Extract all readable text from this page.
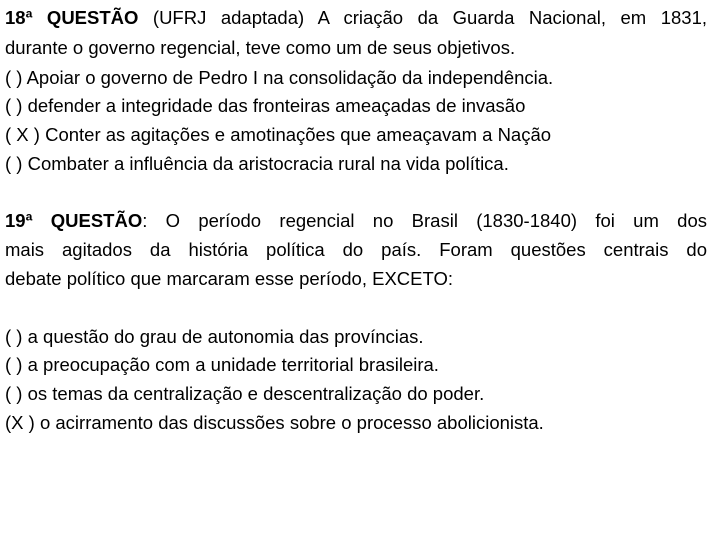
18ª QUESTÃO (UFRJ adaptada) A criação da Guarda Nacional, em 1831,
durante o governo regencial, teve como um de seus objetivos.
( ) Apoiar o governo de Pedro I na consolidação da independência.
( ) defender a integridade das fronteiras ameaçadas de invasão
( X ) Conter as agitações e amotinações que ameaçavam a Nação
( ) Combater a influência da aristocracia rural na vida política.
19ª QUESTÃO: O período regencial no Brasil (1830-1840) foi um dos
mais agitados da história política do país. Foram questões centrais do
debate político que marcaram esse período, EXCETO:
( ) a questão do grau de autonomia das províncias.
( ) a preocupação com a unidade territorial brasileira.
( ) os temas da centralização e descentralização do poder.
(X ) o acirramento das discussões sobre o processo abolicionista.
